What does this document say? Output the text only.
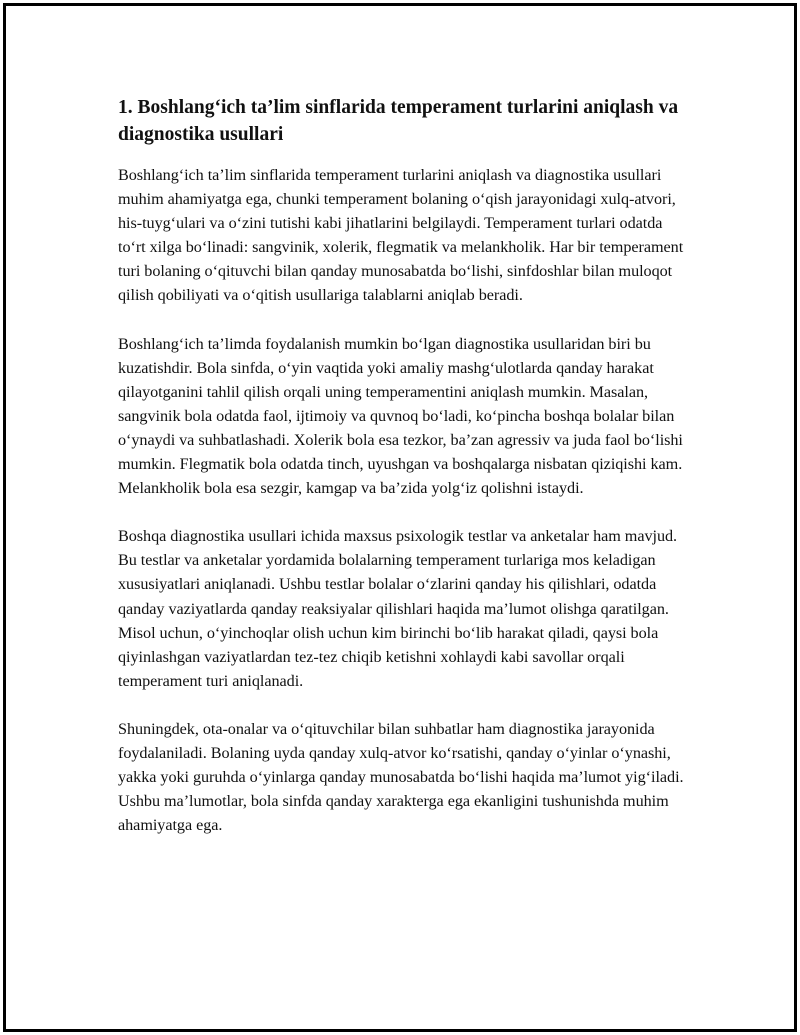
1. Boshlang‘ich ta’lim sinflarida temperament turlarini aniqlash va diagnostika usullari

Boshlang‘ich ta’lim sinflarida temperament turlarini aniqlash va diagnostika usullari muhim ahamiyatga ega, chunki temperament bolaning o‘qish jarayonidagi xulq-atvori, his-tuyg‘ulari va o‘zini tutishi kabi jihatlarini belgilaydi. Temperament turlari odatda to‘rt xilga bo‘linadi: sangvinik, xolerik, flegmatik va melankholik. Har bir temperament turi bolaning o‘qituvchi bilan qanday munosabatda bo‘lishi, sinfdoshlar bilan muloqot qilish qobiliyati va o‘qitish usullariga talablarni aniqlab beradi.

Boshlang‘ich ta’limda foydalanish mumkin bo‘lgan diagnostika usullaridan biri bu kuzatishdir. Bola sinfda, o‘yin vaqtida yoki amaliy mashg‘ulotlarda qanday harakat qilayotganini tahlil qilish orqali uning temperamentini aniqlash mumkin. Masalan, sangvinik bola odatda faol, ijtimoiy va quvnoq bo‘ladi, ko‘pincha boshqa bolalar bilan o‘ynaydi va suhbatlashadi. Xolerik bola esa tezkor, ba’zan agressiv va juda faol bo‘lishi mumkin. Flegmatik bola odatda tinch, uyushgan va boshqalarga nisbatan qiziqishi kam. Melankholik bola esa sezgir, kamgap va ba’zida yolg‘iz qolishni istaydi.

Boshqa diagnostika usullari ichida maxsus psixologik testlar va anketalar ham mavjud. Bu testlar va anketalar yordamida bolalarning temperament turlariga mos keladigan xususiyatlari aniqlanadi. Ushbu testlar bolalar o‘zlarini qanday his qilishlari, odatda qanday vaziyatlarda qanday reaksiyalar qilishlari haqida ma’lumot olishga qaratilgan. Misol uchun, o‘yinchoqlar olish uchun kim birinchi bo‘lib harakat qiladi, qaysi bola qiyinlashgan vaziyatlardan tez-tez chiqib ketishni xohlaydi kabi savollar orqali temperament turi aniqlanadi.

Shuningdek, ota-onalar va o‘qituvchilar bilan suhbatlar ham diagnostika jarayonida foydalaniladi. Bolaning uyda qanday xulq-atvor ko‘rsatishi, qanday o‘yinlar o‘ynashi, yakka yoki guruhda o‘yinlarga qanday munosabatda bo‘lishi haqida ma’lumot yig‘iladi. Ushbu ma’lumotlar, bola sinfda qanday xarakterga ega ekanligini tushunishda muhim ahamiyatga ega.
